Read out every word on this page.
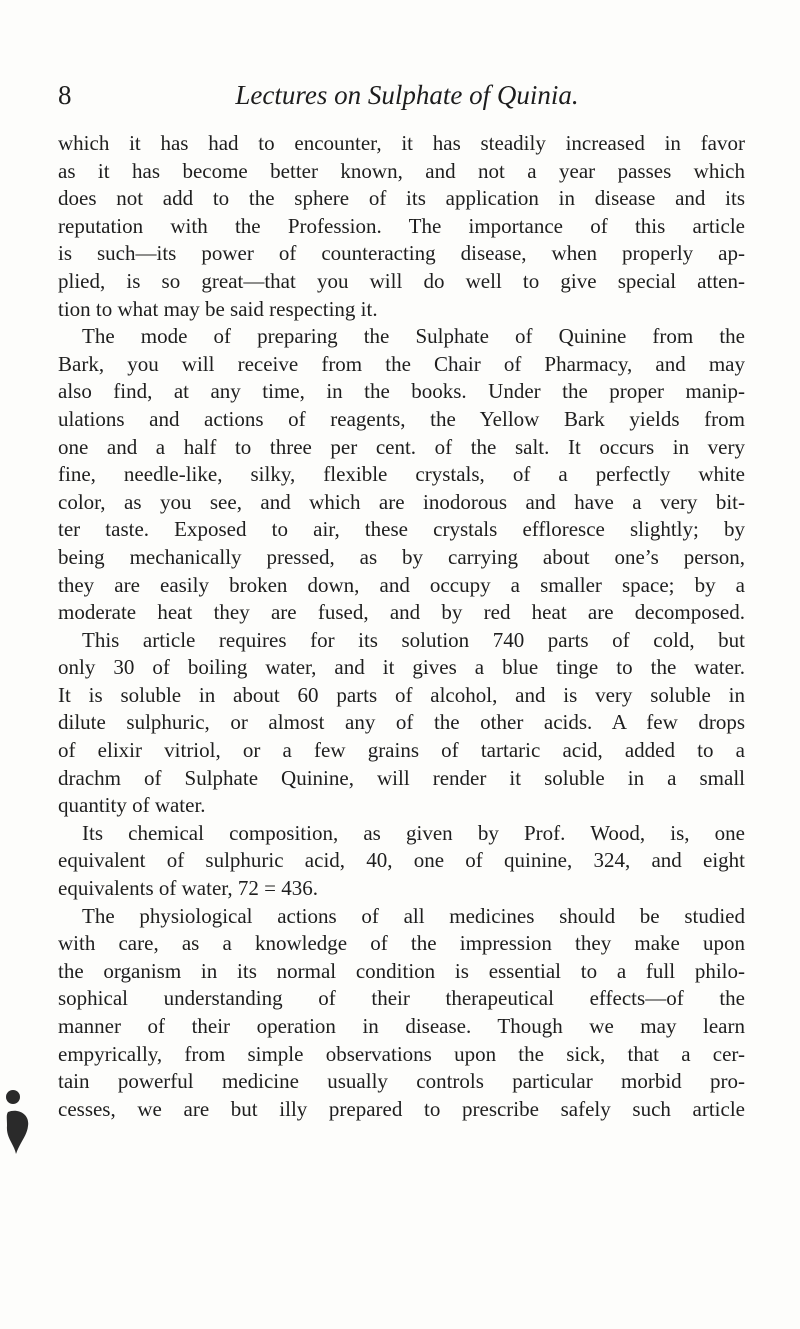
8	Lectures on Sulphate of Quinia.
which it has had to encounter, it has steadily increased in favor
as it has become better known, and not a year passes which
does not add to the sphere of its application in disease and its
reputation with the Profession. The importance of this article
is such—its power of counteracting disease, when properly ap-
plied, is so great—that you will do well to give special atten-
tion to what may be said respecting it.
The mode of preparing the Sulphate of Quinine from the
Bark, you will receive from the Chair of Pharmacy, and may
also find, at any time, in the books. Under the proper manip-
ulations and actions of reagents, the Yellow Bark yields from
one and a half to three per cent. of the salt. It occurs in very
fine, needle-like, silky, flexible crystals, of a perfectly white
color, as you see, and which are inodorous and have a very bit-
ter taste. Exposed to air, these crystals effloresce slightly; by
being mechanically pressed, as by carrying about one’s person,
they are easily broken down, and occupy a smaller space; by a
moderate heat they are fused, and by red heat are decomposed.
This article requires for its solution 740 parts of cold, but
only 30 of boiling water, and it gives a blue tinge to the water.
It is soluble in about 60 parts of alcohol, and is very soluble in
dilute sulphuric, or almost any of the other acids. A few drops
of elixir vitriol, or a few grains of tartaric acid, added to a
drachm of Sulphate Quinine, will render it soluble in a small
quantity of water.
Its chemical composition, as given by Prof. Wood, is, one
equivalent of sulphuric acid, 40, one of quinine, 324, and eight
equivalents of water, 72 = 436.
The physiological actions of all medicines should be studied
with care, as a knowledge of the impression they make upon
the organism in its normal condition is essential to a full philo-
sophical understanding of their therapeutical effects—of the
manner of their operation in disease. Though we may learn
empyrically, from simple observations upon the sick, that a cer-
tain powerful medicine usually controls particular morbid pro-
cesses, we are but illy prepared to prescribe safely such article
